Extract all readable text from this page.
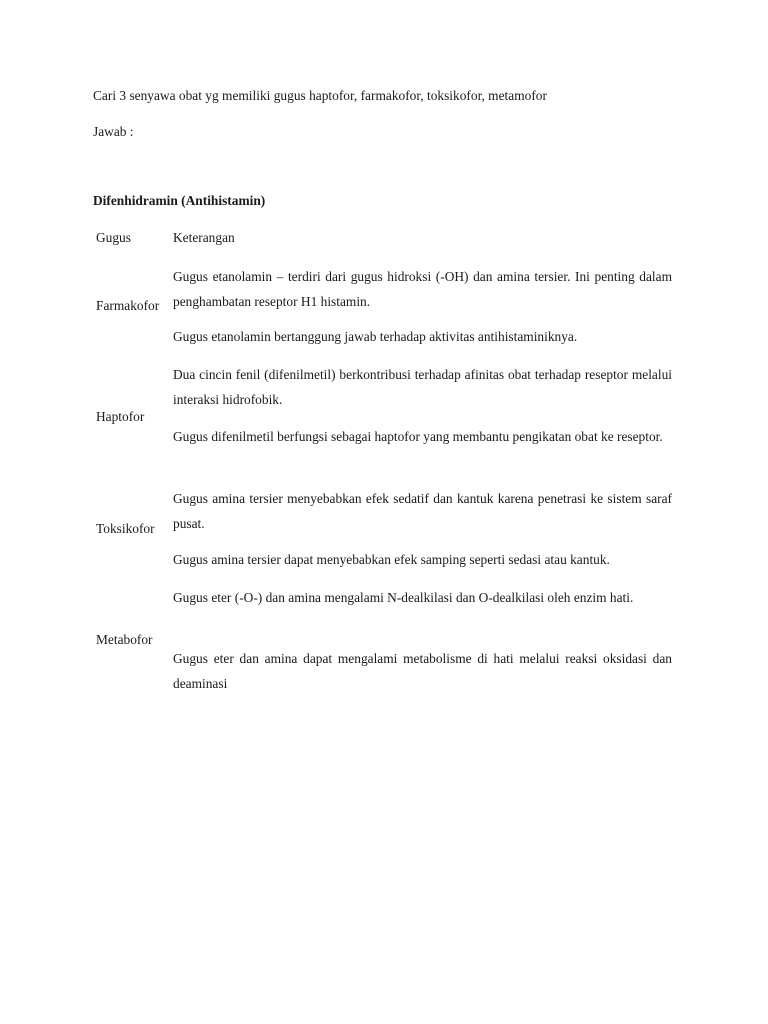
Cari 3 senyawa obat yg memiliki gugus haptofor, farmakofor, toksikofor, metamofor
Jawab :
Difenhidramin (Antihistamin)
Gugus	Keterangan
Farmakofor
Gugus etanolamin – terdiri dari gugus hidroksi (-OH) dan amina tersier. Ini penting dalam penghambatan reseptor H1 histamin.
Gugus etanolamin bertanggung jawab terhadap aktivitas antihistaminiknya.
Haptofor
Dua cincin fenil (difenilmetil) berkontribusi terhadap afinitas obat terhadap reseptor melalui interaksi hidrofobik.
Gugus difenilmetil berfungsi sebagai haptofor yang membantu pengikatan obat ke reseptor.
Toksikofor
Gugus amina tersier menyebabkan efek sedatif dan kantuk karena penetrasi ke sistem saraf pusat.
Gugus amina tersier dapat menyebabkan efek samping seperti sedasi atau kantuk.
Metabofor
Gugus eter (-O-) dan amina mengalami N-dealkilasi dan O-dealkilasi oleh enzim hati.
Gugus eter dan amina dapat mengalami metabolisme di hati melalui reaksi oksidasi dan deaminasi
